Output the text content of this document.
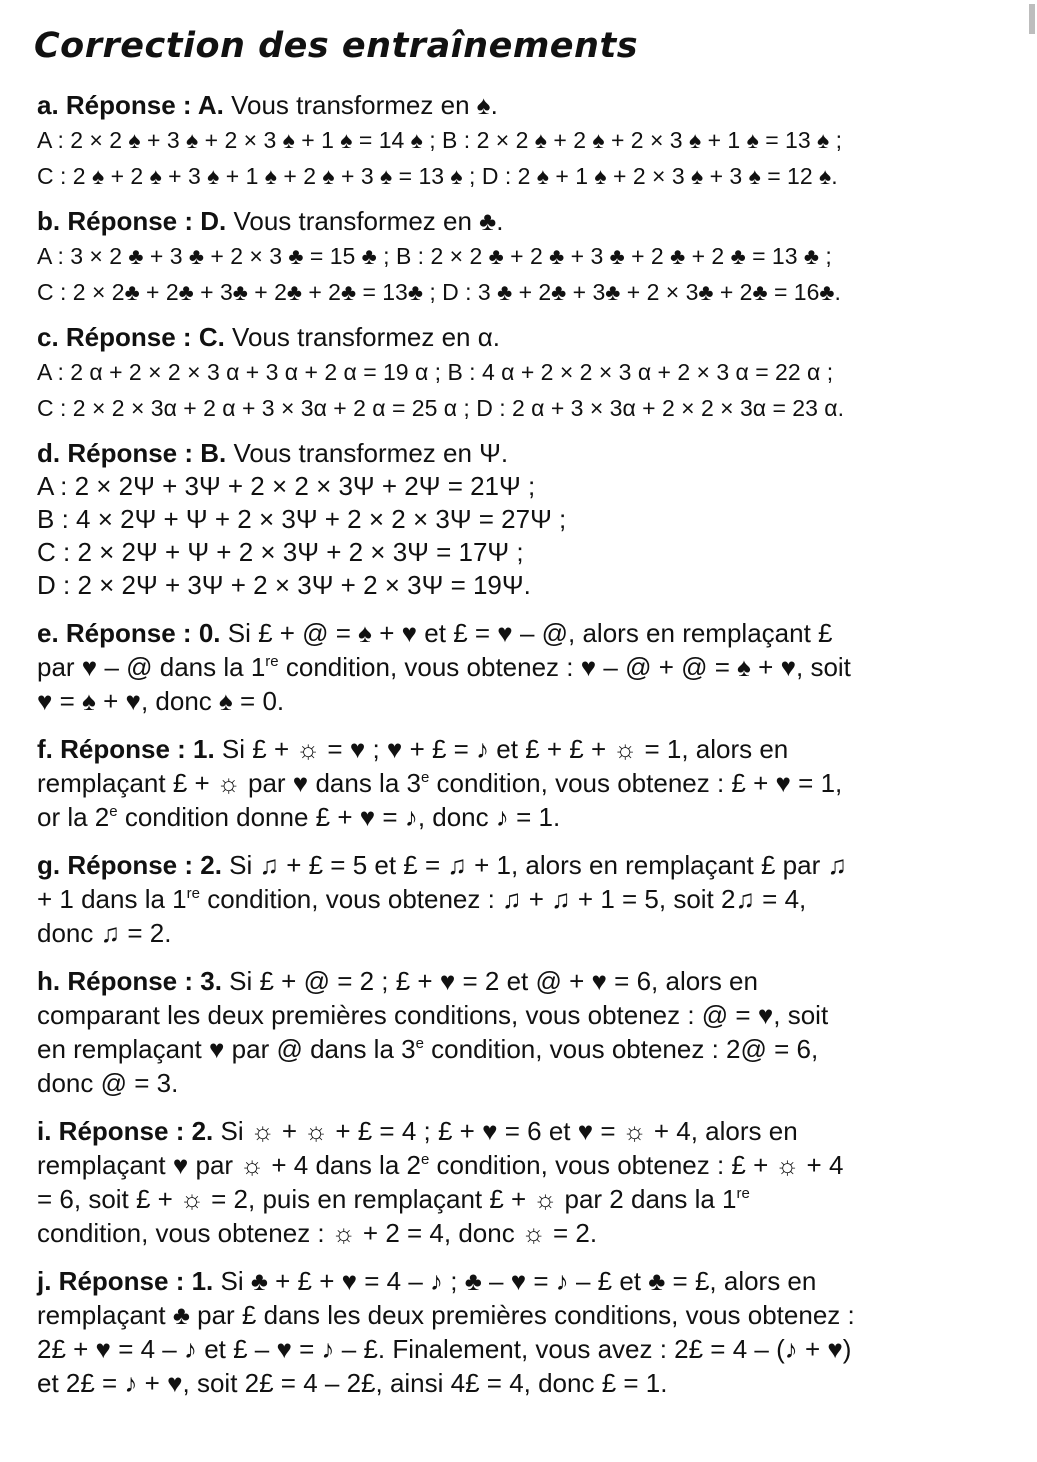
Correction des entraînements

a. Réponse : A. Vous transformez en ♠.

A : 2 × 2 ♠ + 3 ♠ + 2 × 3 ♠ + 1 ♠ = 14 ♠ ; B : 2 × 2 ♠ + 2 ♠ + 2 × 3 ♠ + 1 ♠ = 13 ♠ ;

C : 2 ♠ + 2 ♠ + 3 ♠ + 1 ♠ + 2 ♠ + 3 ♠ = 13 ♠ ; D : 2 ♠ + 1 ♠ + 2 × 3 ♠ + 3 ♠ = 12 ♠.

b. Réponse : D. Vous transformez en ♣.

A : 3 × 2 ♣ + 3 ♣ + 2 × 3 ♣ = 15 ♣ ; B : 2 × 2 ♣ + 2 ♣ + 3 ♣ + 2 ♣ + 2 ♣ = 13 ♣ ;

C : 2 × 2♣ + 2♣ + 3♣ + 2♣ + 2♣ = 13♣ ; D : 3 ♣ + 2♣ + 3♣ + 2 × 3♣ + 2♣ = 16♣.

c. Réponse : C. Vous transformez en α.

A : 2 α + 2 × 2 × 3 α + 3 α + 2 α = 19 α ; B : 4 α + 2 × 2 × 3 α + 2 × 3 α = 22 α ;

C : 2 × 2 × 3α + 2 α + 3 × 3α + 2 α = 25 α ; D : 2 α + 3 × 3α + 2 × 2 × 3α = 23 α.

d. Réponse : B. Vous transformez en Ψ.

A : 2 × 2Ψ + 3Ψ + 2 × 2 × 3Ψ + 2Ψ = 21Ψ ;

B : 4 × 2Ψ + Ψ + 2 × 3Ψ + 2 × 2 × 3Ψ = 27Ψ ;

C : 2 × 2Ψ + Ψ + 2 × 3Ψ + 2 × 3Ψ = 17Ψ ;

D : 2 × 2Ψ + 3Ψ + 2 × 3Ψ + 2 × 3Ψ = 19Ψ.

e. Réponse : 0. Si £ + @ = ♠ + ♥ et £ = ♥ – @, alors en remplaçant £

par ♥ – @ dans la 1re condition, vous obtenez : ♥ – @ + @ = ♠ + ♥, soit

♥ = ♠ + ♥, donc ♠ = 0.

f. Réponse : 1. Si £ + ☼ = ♥ ; ♥ + £ = ♪ et £ + £ + ☼ = 1, alors en

remplaçant £ + ☼ par ♥ dans la 3e condition, vous obtenez : £ + ♥ = 1,

or la 2e condition donne £ + ♥ = ♪, donc ♪ = 1.

g. Réponse : 2. Si ♫ + £ = 5 et £ = ♫ + 1, alors en remplaçant £ par ♫

+ 1 dans la 1re condition, vous obtenez : ♫ + ♫ + 1 = 5, soit 2♫ = 4,

donc ♫ = 2.

h. Réponse : 3. Si £ + @ = 2 ; £ + ♥ = 2 et @ + ♥ = 6, alors en

comparant les deux premières conditions, vous obtenez : @ = ♥, soit

en remplaçant ♥ par @ dans la 3e condition, vous obtenez : 2@ = 6,

donc @ = 3.

i. Réponse : 2. Si ☼ + ☼ + £ = 4 ; £ + ♥ = 6 et ♥ = ☼ + 4, alors en

remplaçant ♥ par ☼ + 4 dans la 2e condition, vous obtenez : £ + ☼ + 4

= 6, soit £ + ☼ = 2, puis en remplaçant £ + ☼ par 2 dans la 1re

condition, vous obtenez : ☼ + 2 = 4, donc ☼ = 2.

j. Réponse : 1. Si ♣ + £ + ♥ = 4 – ♪ ; ♣ – ♥ = ♪ – £ et ♣ = £, alors en

remplaçant ♣ par £ dans les deux premières conditions, vous obtenez :

2£ + ♥ = 4 – ♪ et £ – ♥ = ♪ – £. Finalement, vous avez : 2£ = 4 – (♪ + ♥)

et 2£ = ♪ + ♥, soit 2£ = 4 – 2£, ainsi 4£ = 4, donc £ = 1.
